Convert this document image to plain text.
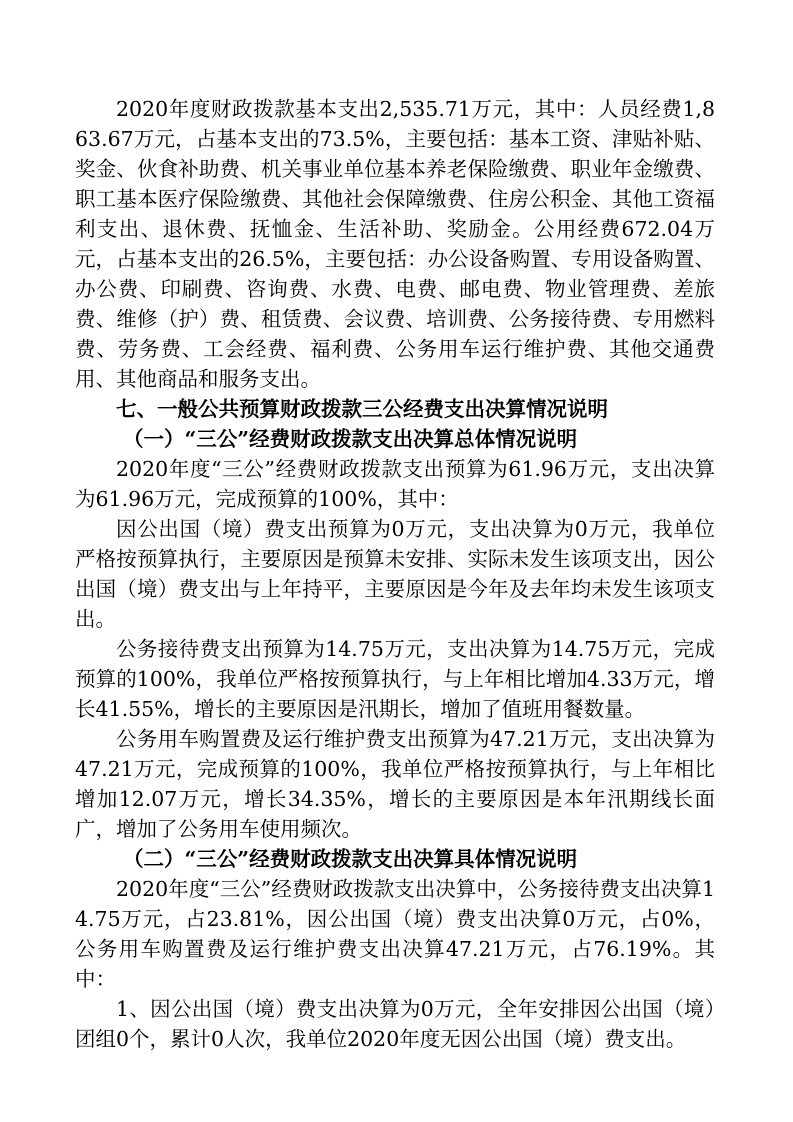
2020年度财政拨款基本支出2,535.71万元，其中：人员经费1,863.67万元，占基本支出的73.5%，主要包括：基本工资、津贴补贴、奖金、伙食补助费、机关事业单位基本养老保险缴费、职业年金缴费、职工基本医疗保险缴费、其他社会保障缴费、住房公积金、其他工资福利支出、退休费、抚恤金、生活补助、奖励金。公用经费672.04万元，占基本支出的26.5%，主要包括：办公设备购置、专用设备购置、办公费、印刷费、咨询费、水费、电费、邮电费、物业管理费、差旅费、维修（护）费、租赁费、会议费、培训费、公务接待费、专用燃料费、劳务费、工会经费、福利费、公务用车运行维护费、其他交通费用、其他商品和服务支出。

七、一般公共预算财政拨款三公经费支出决算情况说明

（一）“三公”经费财政拨款支出决算总体情况说明

2020年度“三公”经费财政拨款支出预算为61.96万元，支出决算为61.96万元，完成预算的100%，其中：

因公出国（境）费支出预算为0万元，支出决算为0万元，我单位严格按预算执行，主要原因是预算未安排、实际未发生该项支出，因公出国（境）费支出与上年持平，主要原因是今年及去年均未发生该项支出。

公务接待费支出预算为14.75万元，支出决算为14.75万元，完成预算的100%，我单位严格按预算执行，与上年相比增加4.33万元，增长41.55%，增长的主要原因是汛期长，增加了值班用餐数量。

公务用车购置费及运行维护费支出预算为47.21万元，支出决算为47.21万元，完成预算的100%，我单位严格按预算执行，与上年相比增加12.07万元，增长34.35%，增长的主要原因是本年汛期线长面广，增加了公务用车使用频次。

（二）“三公”经费财政拨款支出决算具体情况说明

2020年度“三公”经费财政拨款支出决算中，公务接待费支出决算14.75万元，占23.81%，因公出国（境）费支出决算0万元，占0%，公务用车购置费及运行维护费支出决算47.21万元，占76.19%。其中：

1、因公出国（境）费支出决算为0万元，全年安排因公出国（境）团组0个，累计0人次，我单位2020年度无因公出国（境）费支出。
